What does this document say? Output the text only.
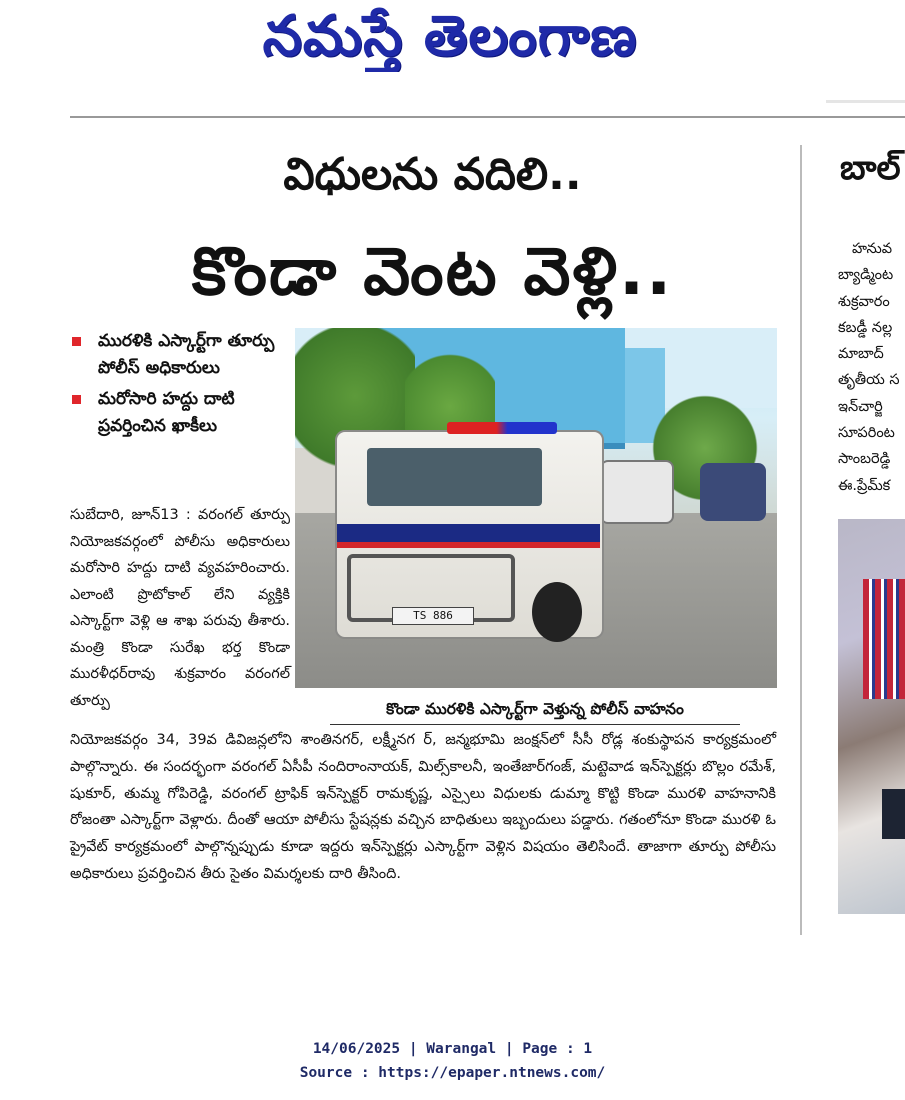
నమస్తే తెలంగాణ
విధులను వదిలి..
కొండా వెంట వెళ్లి..
మురళికి ఎస్కార్ట్‌గా తూర్పు పోలీస్ అధికారులు
మరోసారి హద్దు దాటి ప్రవర్తించిన ఖాకీలు
సుబేదారి, జూన్13 : వరంగల్ తూర్పు నియోజకవర్గంలో పోలీసు అధికారులు మరోసారి హద్దు దాటి వ్యవహరించారు. ఎలాంటి ప్రొటోకాల్ లేని వ్యక్తికి ఎస్కార్ట్‌గా వెళ్లి ఆ శాఖ పరువు తీశారు. మంత్రి కొండా సురేఖ భర్త కొండా మురళీధర్‌రావు శుక్రవారం వరంగల్ తూర్పు
TS 886
కొండా మురళికి ఎస్కార్ట్‌గా వెళ్తున్న పోలీస్ వాహనం
నియోజకవర్గం 34, 39వ డివిజన్లలోని శాంతినగర్, లక్ష్మీనగ ర్, జన్మభూమి జంక్షన్‌లో సీసీ రోడ్ల శంకుస్థాపన కార్యక్రమంలో పాల్గొన్నారు. ఈ సందర్భంగా వరంగల్ ఏసీపీ నందిరాంనాయక్, మిల్స్‌కాలనీ, ఇంతేజార్‌గంజ్, మట్టెవాడ ఇన్‌స్పెక్టర్లు బొల్లం రమేశ్, షుకూర్, తుమ్మ గోపిరెడ్డి, వరంగల్ ట్రాఫిక్ ఇన్‌స్పెక్టర్ రామకృష్ణ, ఎస్సైలు విధులకు డుమ్మా కొట్టి కొండా మురళి వాహనానికి రోజంతా ఎస్కార్ట్‌గా వెళ్లారు. దీంతో ఆయా పోలీసు స్టేషన్లకు వచ్చిన బాధితులు ఇబ్బందులు పడ్డారు. గతంలోనూ కొండా మురళి ఓ ప్రైవేట్ కార్యక్రమంలో పాల్గొన్నప్పుడు కూడా ఇద్దరు ఇన్‌స్పెక్టర్లు ఎస్కార్ట్‌గా వెళ్లిన విషయం తెలిసిందే. తాజాగా తూర్పు పోలీసు అధికారులు ప్రవర్తించిన తీరు సైతం విమర్శలకు దారి తీసింది.
బాల్
హనువ
బ్యాడ్మింట
శుక్రవారం
కబడ్డీ నల్ల
మాబాద్
తృతీయ స
ఇన్‌చార్జి
సూపరింట
సాంబరెడ్డి
ఈ.ప్రేమ్‌క
14/06/2025 | Warangal | Page : 1
Source : https://epaper.ntnews.com/
